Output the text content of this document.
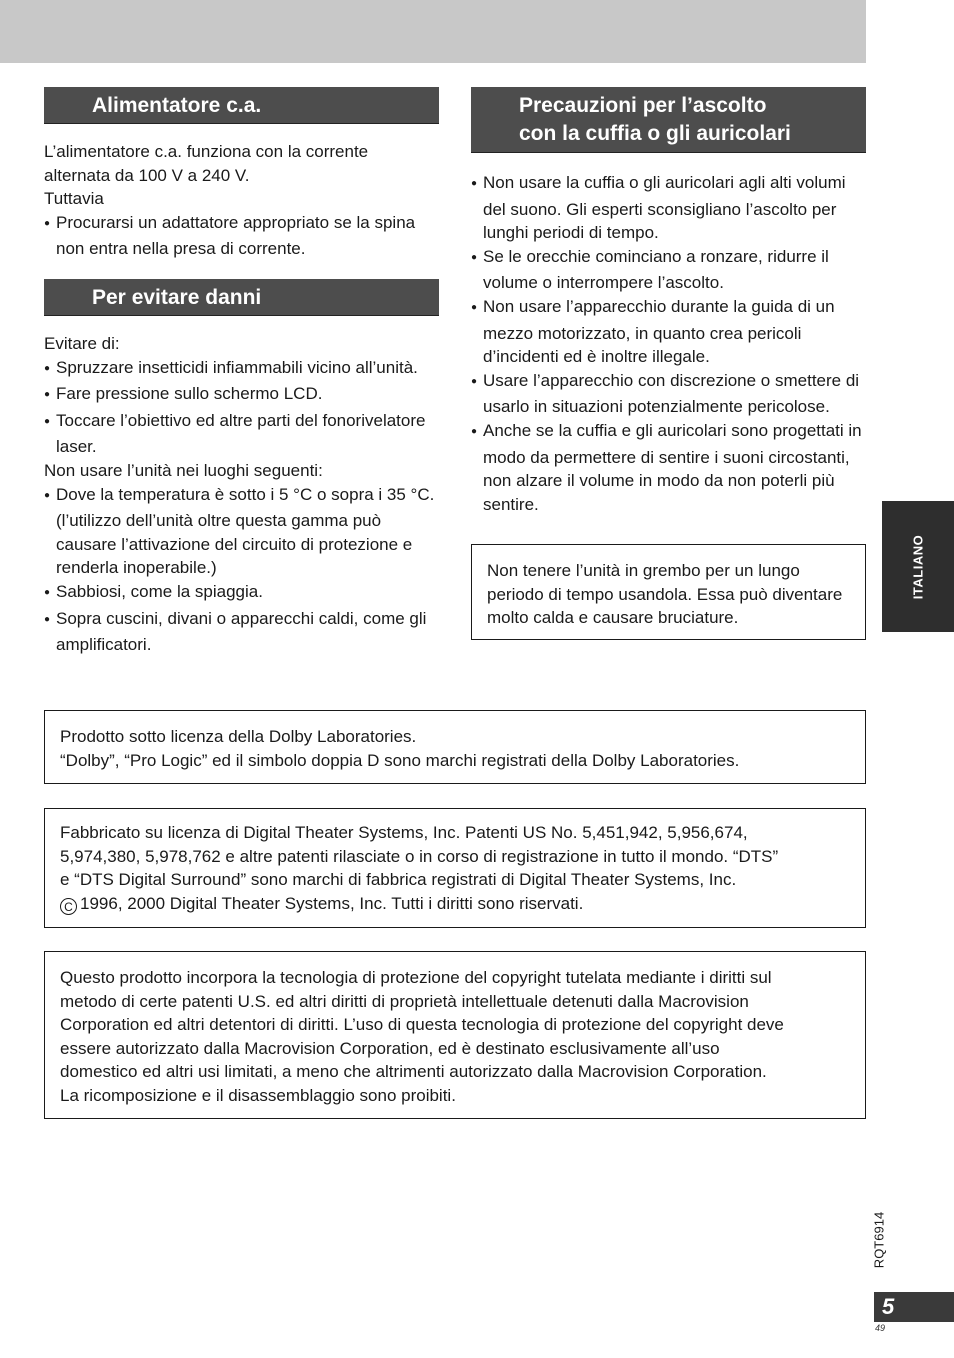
Alimentatore c.a.

L’alimentatore c.a. funziona con la corrente alternata da 100 V a 240 V.

Tuttavia

●Procurarsi un adattatore appropriato se la spina non entra nella presa di corrente.

Per evitare danni

Evitare di:

●Spruzzare insetticidi infiammabili vicino all’unità.

●Fare pressione sullo schermo LCD.

●Toccare l’obiettivo ed altre parti del fonorivelatore laser.

Non usare l’unità nei luoghi seguenti:

●Dove la temperatura è sotto i 5 °C o sopra i 35 °C. (l’utilizzo dell’unità oltre questa gamma può causare l’attivazione del circuito di protezione e renderla inoperabile.)

●Sabbiosi, come la spiaggia.

●Sopra cuscini, divani o apparecchi caldi, come gli amplificatori.

Precauzioni per l’ascolto
con la cuffia o gli auricolari

●Non usare la cuffia o gli auricolari agli alti volumi del suono. Gli esperti sconsigliano l’ascolto per lunghi periodi di tempo.

●Se le orecchie cominciano a ronzare, ridurre il volume o interrompere l’ascolto.

●Non usare l’apparecchio durante la guida di un mezzo motorizzato, in quanto crea pericoli d’incidenti ed è inoltre illegale.

●Usare l’apparecchio con discrezione o smettere di usarlo in situazioni potenzialmente pericolose.

●Anche se la cuffia e gli auricolari sono progettati in modo da permettere di sentire i suoni circostanti, non alzare il volume in modo da non poterli più sentire.

Non tenere l’unità in grembo per un lungo periodo di tempo usandola. Essa può diventare molto calda e causare bruciature.

Prodotto sotto licenza della Dolby Laboratories.

“Dolby”, “Pro Logic” ed il simbolo doppia D sono marchi registrati della Dolby Laboratories.

Fabbricato su licenza di Digital Theater Systems, Inc. Patenti US No. 5,451,942, 5,956,674,

5,974,380, 5,978,762 e altre patenti rilasciate o in corso di registrazione in tutto il mondo. “DTS”

e “DTS Digital Surround” sono marchi di fabbrica registrati di Digital Theater Systems, Inc.

C 1996, 2000 Digital Theater Systems, Inc. Tutti i diritti sono riservati.

Questo prodotto incorpora la tecnologia di protezione del copyright tutelata mediante i diritti sul

metodo di certe patenti U.S. ed altri diritti di proprietà intellettuale detenuti dalla Macrovision

Corporation ed altri detentori di diritti. L’uso di questa tecnologia di protezione del copyright deve

essere autorizzato dalla Macrovision Corporation, ed è destinato esclusivamente all’uso

domestico ed altri usi limitati, a meno che altrimenti autorizzato dalla Macrovision Corporation.

La ricomposizione e il disassemblaggio sono proibiti.

ITALIANO
RQT6914
5
49
